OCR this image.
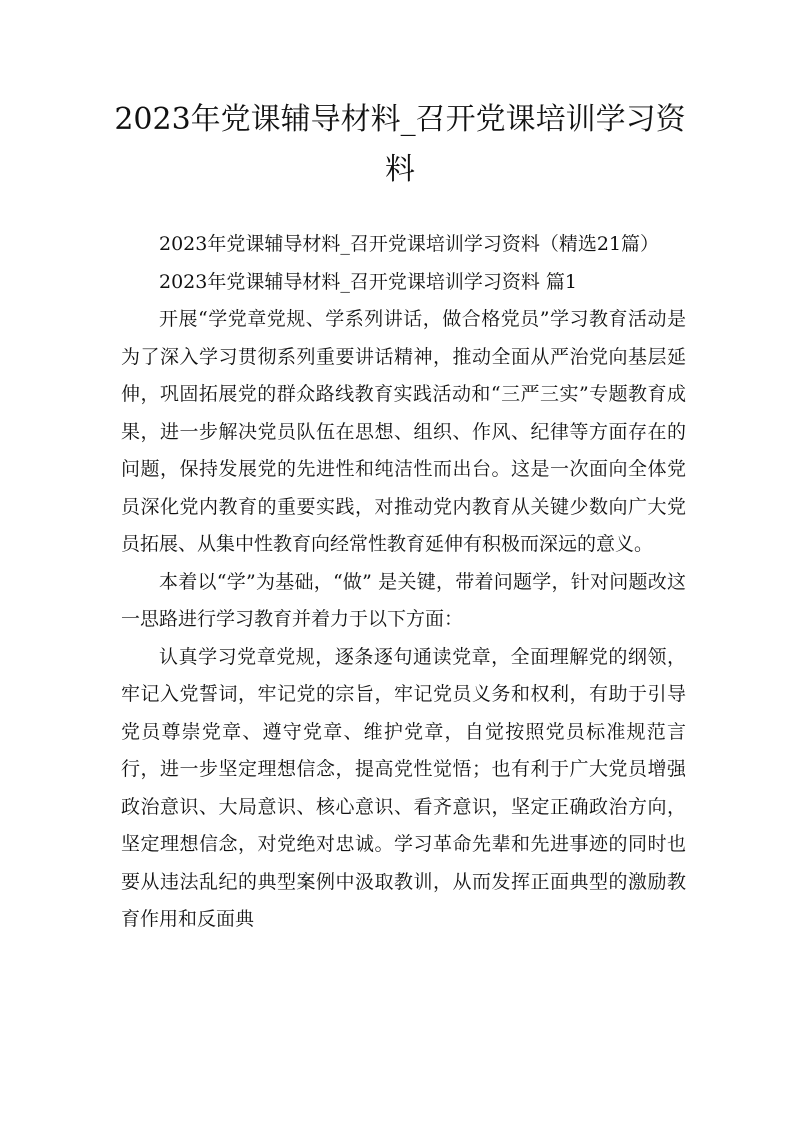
2023年党课辅导材料_召开党课培训学习资料

2023年党课辅导材料_召开党课培训学习资料（精选21篇）

2023年党课辅导材料_召开党课培训学习资料 篇1

开展“学党章党规、学系列讲话，做合格党员”学习教育活动是为了深入学习贯彻系列重要讲话精神，推动全面从严治党向基层延伸，巩固拓展党的群众路线教育实践活动和“三严三实”专题教育成果，进一步解决党员队伍在思想、组织、作风、纪律等方面存在的问题，保持发展党的先进性和纯洁性而出台。这是一次面向全体党员深化党内教育的重要实践，对推动党内教育从关键少数向广大党员拓展、从集中性教育向经常性教育延伸有积极而深远的意义。

本着以“学”为基础，“做” 是关键，带着问题学，针对问题改这一思路进行学习教育并着力于以下方面：

认真学习党章党规，逐条逐句通读党章，全面理解党的纲领，牢记入党誓词，牢记党的宗旨，牢记党员义务和权利，有助于引导党员尊崇党章、遵守党章、维护党章，自觉按照党员标准规范言行，进一步坚定理想信念，提高党性觉悟；也有利于广大党员增强政治意识、大局意识、核心意识、看齐意识，坚定正确政治方向，坚定理想信念，对党绝对忠诚。学习革命先辈和先进事迹的同时也要从违法乱纪的典型案例中汲取教训，从而发挥正面典型的激励教育作用和反面典
